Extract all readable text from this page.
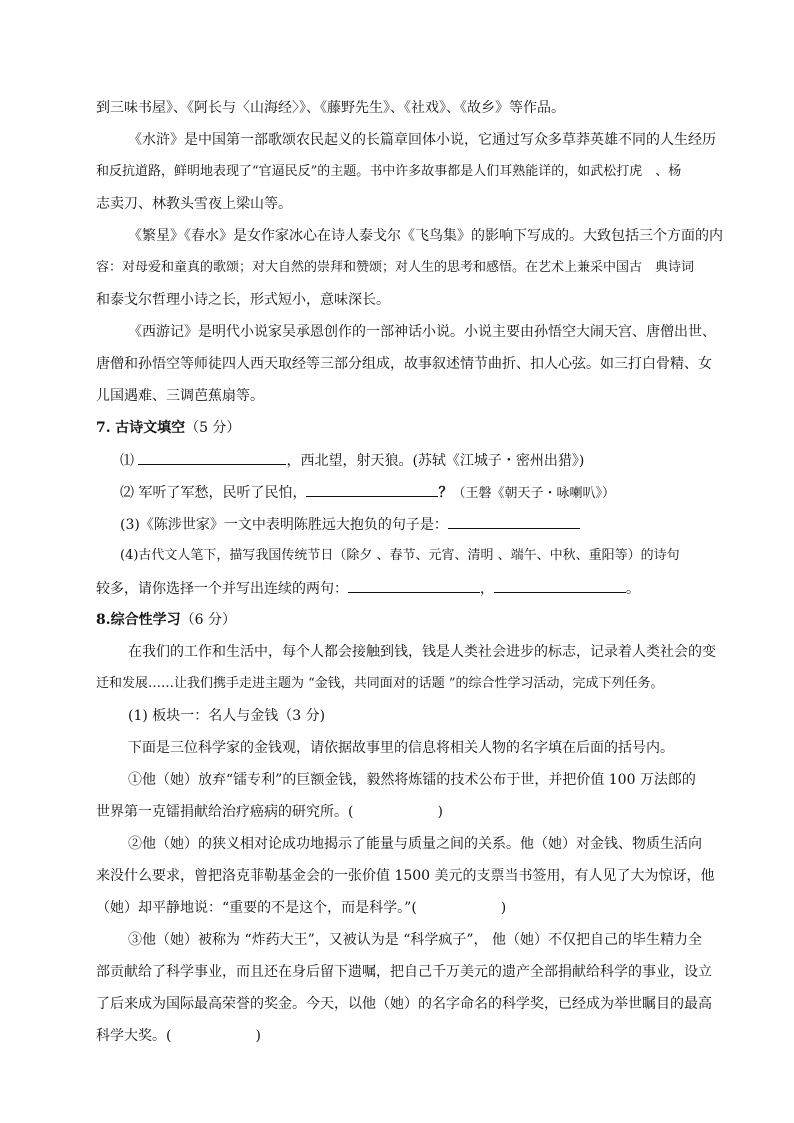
到三味书屋》、《阿长与〈山海经〉》、《藤野先生》、《社戏》、《故乡》等作品。
《水浒》是中国第一部歌颂农民起义的长篇章回体小说，它通过写众多草莽英雄不同的人生经历
和反抗道路，鲜明地表现了“官逼民反”的主题。书中许多故事都是人们耳熟能详的，如武松打虎　、杨
志卖刀、林教头雪夜上梁山等。
《繁星》《春水》是女作家冰心在诗人泰戈尔《飞鸟集》的影响下写成的。大致包括三个方面的内
容：对母爱和童真的歌颂；对大自然的崇拜和赞颂；对人生的思考和感悟。在艺术上兼采中国古　典诗词
和泰戈尔哲理小诗之长，形式短小，意味深长。
《西游记》是明代小说家吴承恩创作的一部神话小说。小说主要由孙悟空大闹天宫、唐僧出世、
唐僧和孙悟空等师徒四人西天取经等三部分组成，故事叙述情节曲折、扣人心弦。如三打白骨精、女
儿国遇难、三调芭蕉扇等。
7. 古诗文填空（5 分）
⑴	，西北望，射天狼。(苏轼《江城子・密州出猎》)
⑵ 军听了军愁，民听了民怕，	？（王磐《朝天子・咏喇叭》）
(3)《陈涉世家》一文中表明陈胜远大抱负的句子是：
(4)古代文人笔下，描写我国传统节日（除夕 、春节、元宵、清明 、端午、中秋、重阳等）的诗句
较多，请你选择一个并写出连续的两句：	，	。
8.综合性学习（6 分）
在我们的工作和生活中，每个人都会接触到钱，钱是人类社会进步的标志，记录着人类社会的变
迁和发展……让我们携手走进主题为 “金钱，共同面对的话题 ”的综合性学习活动，完成下列任务。
(1) 板块一：名人与金钱（3 分)
下面是三位科学家的金钱观，请依据故事里的信息将相关人物的名字填在后面的括号内。
①他（她）放弃“镭专利”的巨额金钱，毅然将炼镭的技术公布于世，并把价值 100 万法郎的
世界第一克镭捐献给治疗癌病的研究所。(　　　　　　)
②他（她）的狭义相对论成功地揭示了能量与质量之间的关系。他（她）对金钱、物质生活向
来没什么要求，曾把洛克菲勒基金会的一张价值 1500 美元的支票当书签用，有人见了大为惊讶，他
（她）却平静地说：“重要的不是这个，而是科学。”(　　　　　　)
③他（她）被称为 “炸药大王”，又被认为是 “科学疯子”， 他（她）不仅把自己的毕生精力全
部贡献给了科学事业，而且还在身后留下遗嘱，把自己千万美元的遗产全部捐献给科学的事业，设立
了后来成为国际最高荣誉的奖金。今天，以他（她）的名字命名的科学奖，已经成为举世瞩目的最高
科学大奖。(　　　　　　)
